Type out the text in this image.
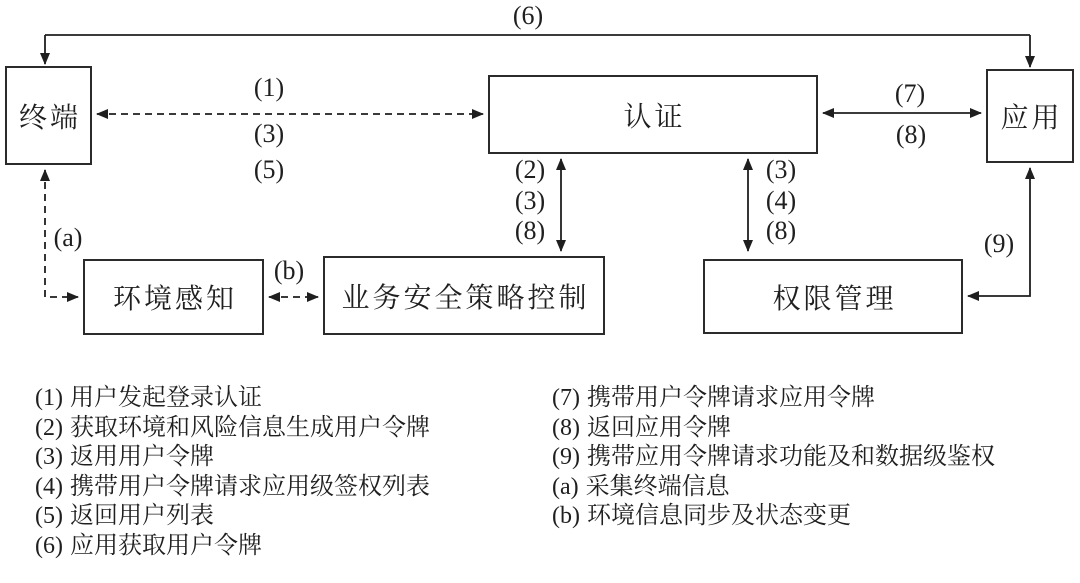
终端	认证	应用
环境感知	业务安全策略控制	权限管理
(6)
(1)
(3)
(5)
(7)
(8)
(2)
(3)
(8)
(3)
(4)
(8)
(a)
(b)
(9)
(1) 用户发起登录认证
(2) 获取环境和风险信息生成用户令牌
(3) 返用用户令牌
(4) 携带用户令牌请求应用级签权列表
(5) 返回用户列表
(6) 应用获取用户令牌
(7) 携带用户令牌请求应用令牌
(8) 返回应用令牌
(9) 携带应用令牌请求功能及和数据级鉴权
(a) 采集终端信息
(b) 环境信息同步及状态变更
